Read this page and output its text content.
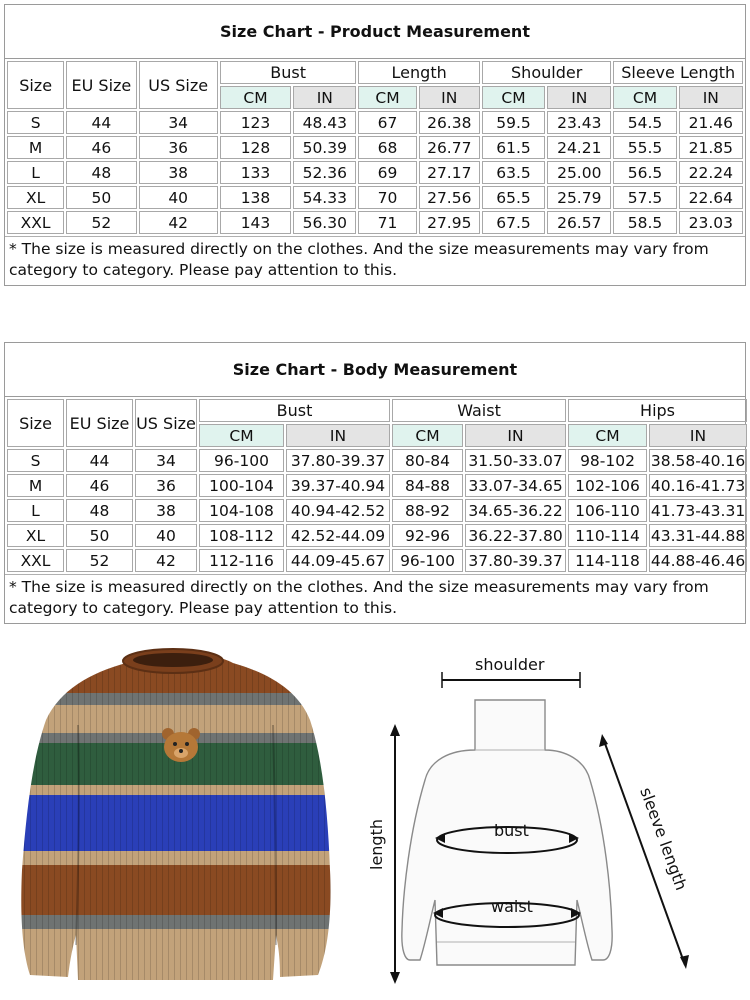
Size Chart - Product Measurement
Size	EU Size	US Size	Bust		Length		Shoulder		Sleeve Length	
			CM	IN	CM	IN	CM	IN	CM	IN
S	44	34	123	48.43	67	26.38	59.5	23.43	54.5	21.46
M	46	36	128	50.39	68	26.77	61.5	24.21	55.5	21.85
L	48	38	133	52.36	69	27.17	63.5	25.00	56.5	22.24
XL	50	40	138	54.33	70	27.56	65.5	25.79	57.5	22.64
XXL	52	42	143	56.30	71	27.95	67.5	26.57	58.5	23.03
* The size is measured directly on the clothes. And the size measurements may vary from category to category. Please pay attention to this.
Size Chart - Body Measurement
Size	EU Size	US Size	Bust		Waist		Hips	
			CM	IN	CM	IN	CM	IN
S	44	34	96-100	37.80-39.37	80-84	31.50-33.07	98-102	38.58-40.16
M	46	36	100-104	39.37-40.94	84-88	33.07-34.65	102-106	40.16-41.73
L	48	38	104-108	40.94-42.52	88-92	34.65-36.22	106-110	41.73-43.31
XL	50	40	108-112	42.52-44.09	92-96	36.22-37.80	110-114	43.31-44.88
XXL	52	42	112-116	44.09-45.67	96-100	37.80-39.37	114-118	44.88-46.46
* The size is measured directly on the clothes. And the size measurements may vary from category to category. Please pay attention to this.
shoulder
length	sleeve length
bust
waist
